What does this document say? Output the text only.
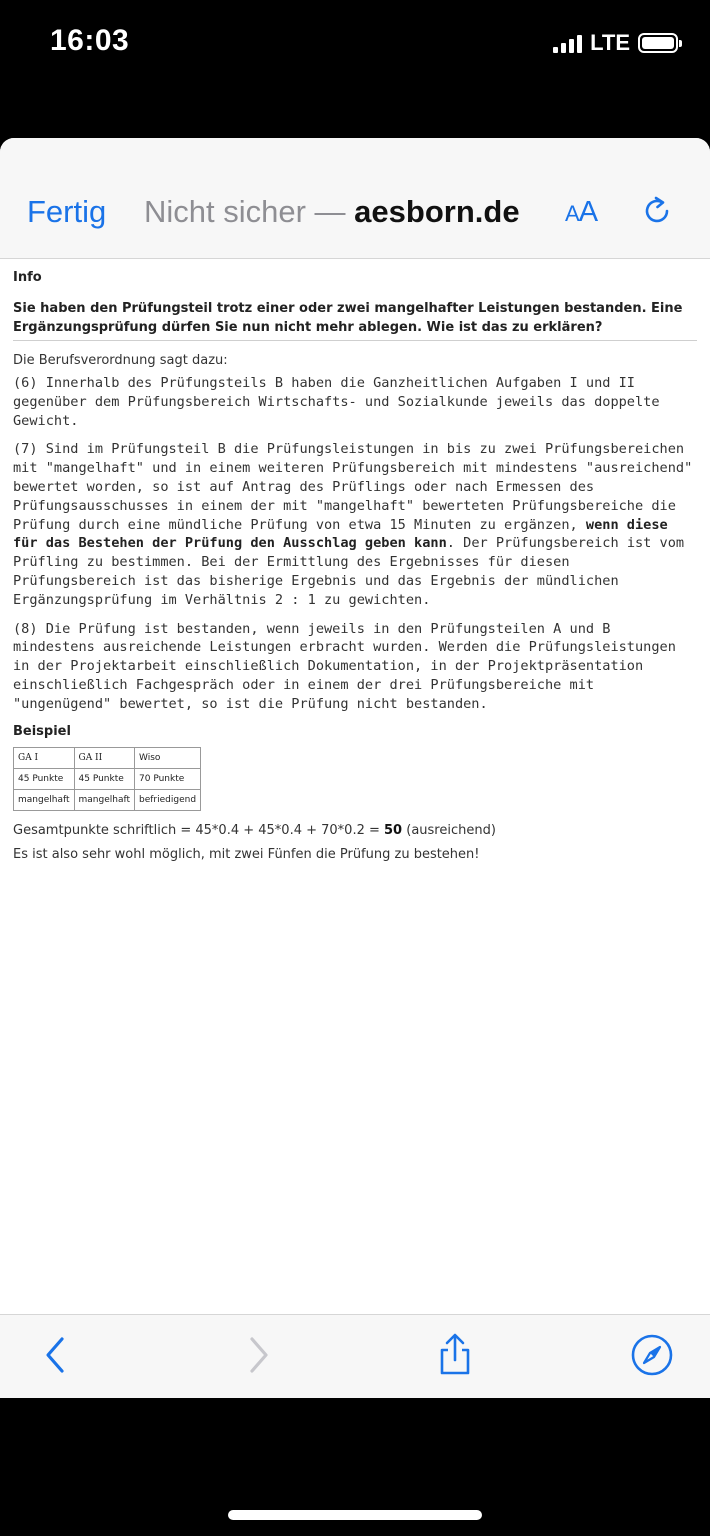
16:03	LTE
Fertig Nicht sicher — aesborn.de AA
Info

Sie haben den Prüfungsteil trotz einer oder zwei mangelhafter Leistungen bestanden. Eine Ergänzungsprüfung dürfen Sie nun nicht mehr ablegen. Wie ist das zu erklären?

Die Berufsverordnung sagt dazu:

(6) Innerhalb des Prüfungsteils B haben die Ganzheitlichen Aufgaben I und II gegenüber dem Prüfungsbereich Wirtschafts- und Sozialkunde jeweils das doppelte Gewicht.

(7) Sind im Prüfungsteil B die Prüfungsleistungen in bis zu zwei Prüfungsbereichen mit "mangelhaft" und in einem weiteren Prüfungsbereich mit mindestens "ausreichend" bewertet worden, so ist auf Antrag des Prüflings oder nach Ermessen des Prüfungsausschusses in einem der mit "mangelhaft" bewerteten Prüfungsbereiche die Prüfung durch eine mündliche Prüfung von etwa 15 Minuten zu ergänzen, wenn diese für das Bestehen der Prüfung den Ausschlag geben kann. Der Prüfungsbereich ist vom Prüfling zu bestimmen. Bei der Ermittlung des Ergebnisses für diesen Prüfungsbereich ist das bisherige Ergebnis und das Ergebnis der mündlichen Ergänzungsprüfung im Verhältnis 2 : 1 zu gewichten.

(8) Die Prüfung ist bestanden, wenn jeweils in den Prüfungsteilen A und B mindestens ausreichende Leistungen erbracht wurden. Werden die Prüfungsleistungen in der Projektarbeit einschließlich Dokumentation, in der Projektpräsentation einschließlich Fachgespräch oder in einem der drei Prüfungsbereiche mit "ungenügend" bewertet, so ist die Prüfung nicht bestanden.

Beispiel
GA I	GA II	Wiso
45 Punkte	45 Punkte	70 Punkte
mangelhaft	mangelhaft	befriedigend

Gesamtpunkte schriftlich = 45*0.4 + 45*0.4 + 70*0.2 = 50 (ausreichend)

Es ist also sehr wohl möglich, mit zwei Fünfen die Prüfung zu bestehen!
